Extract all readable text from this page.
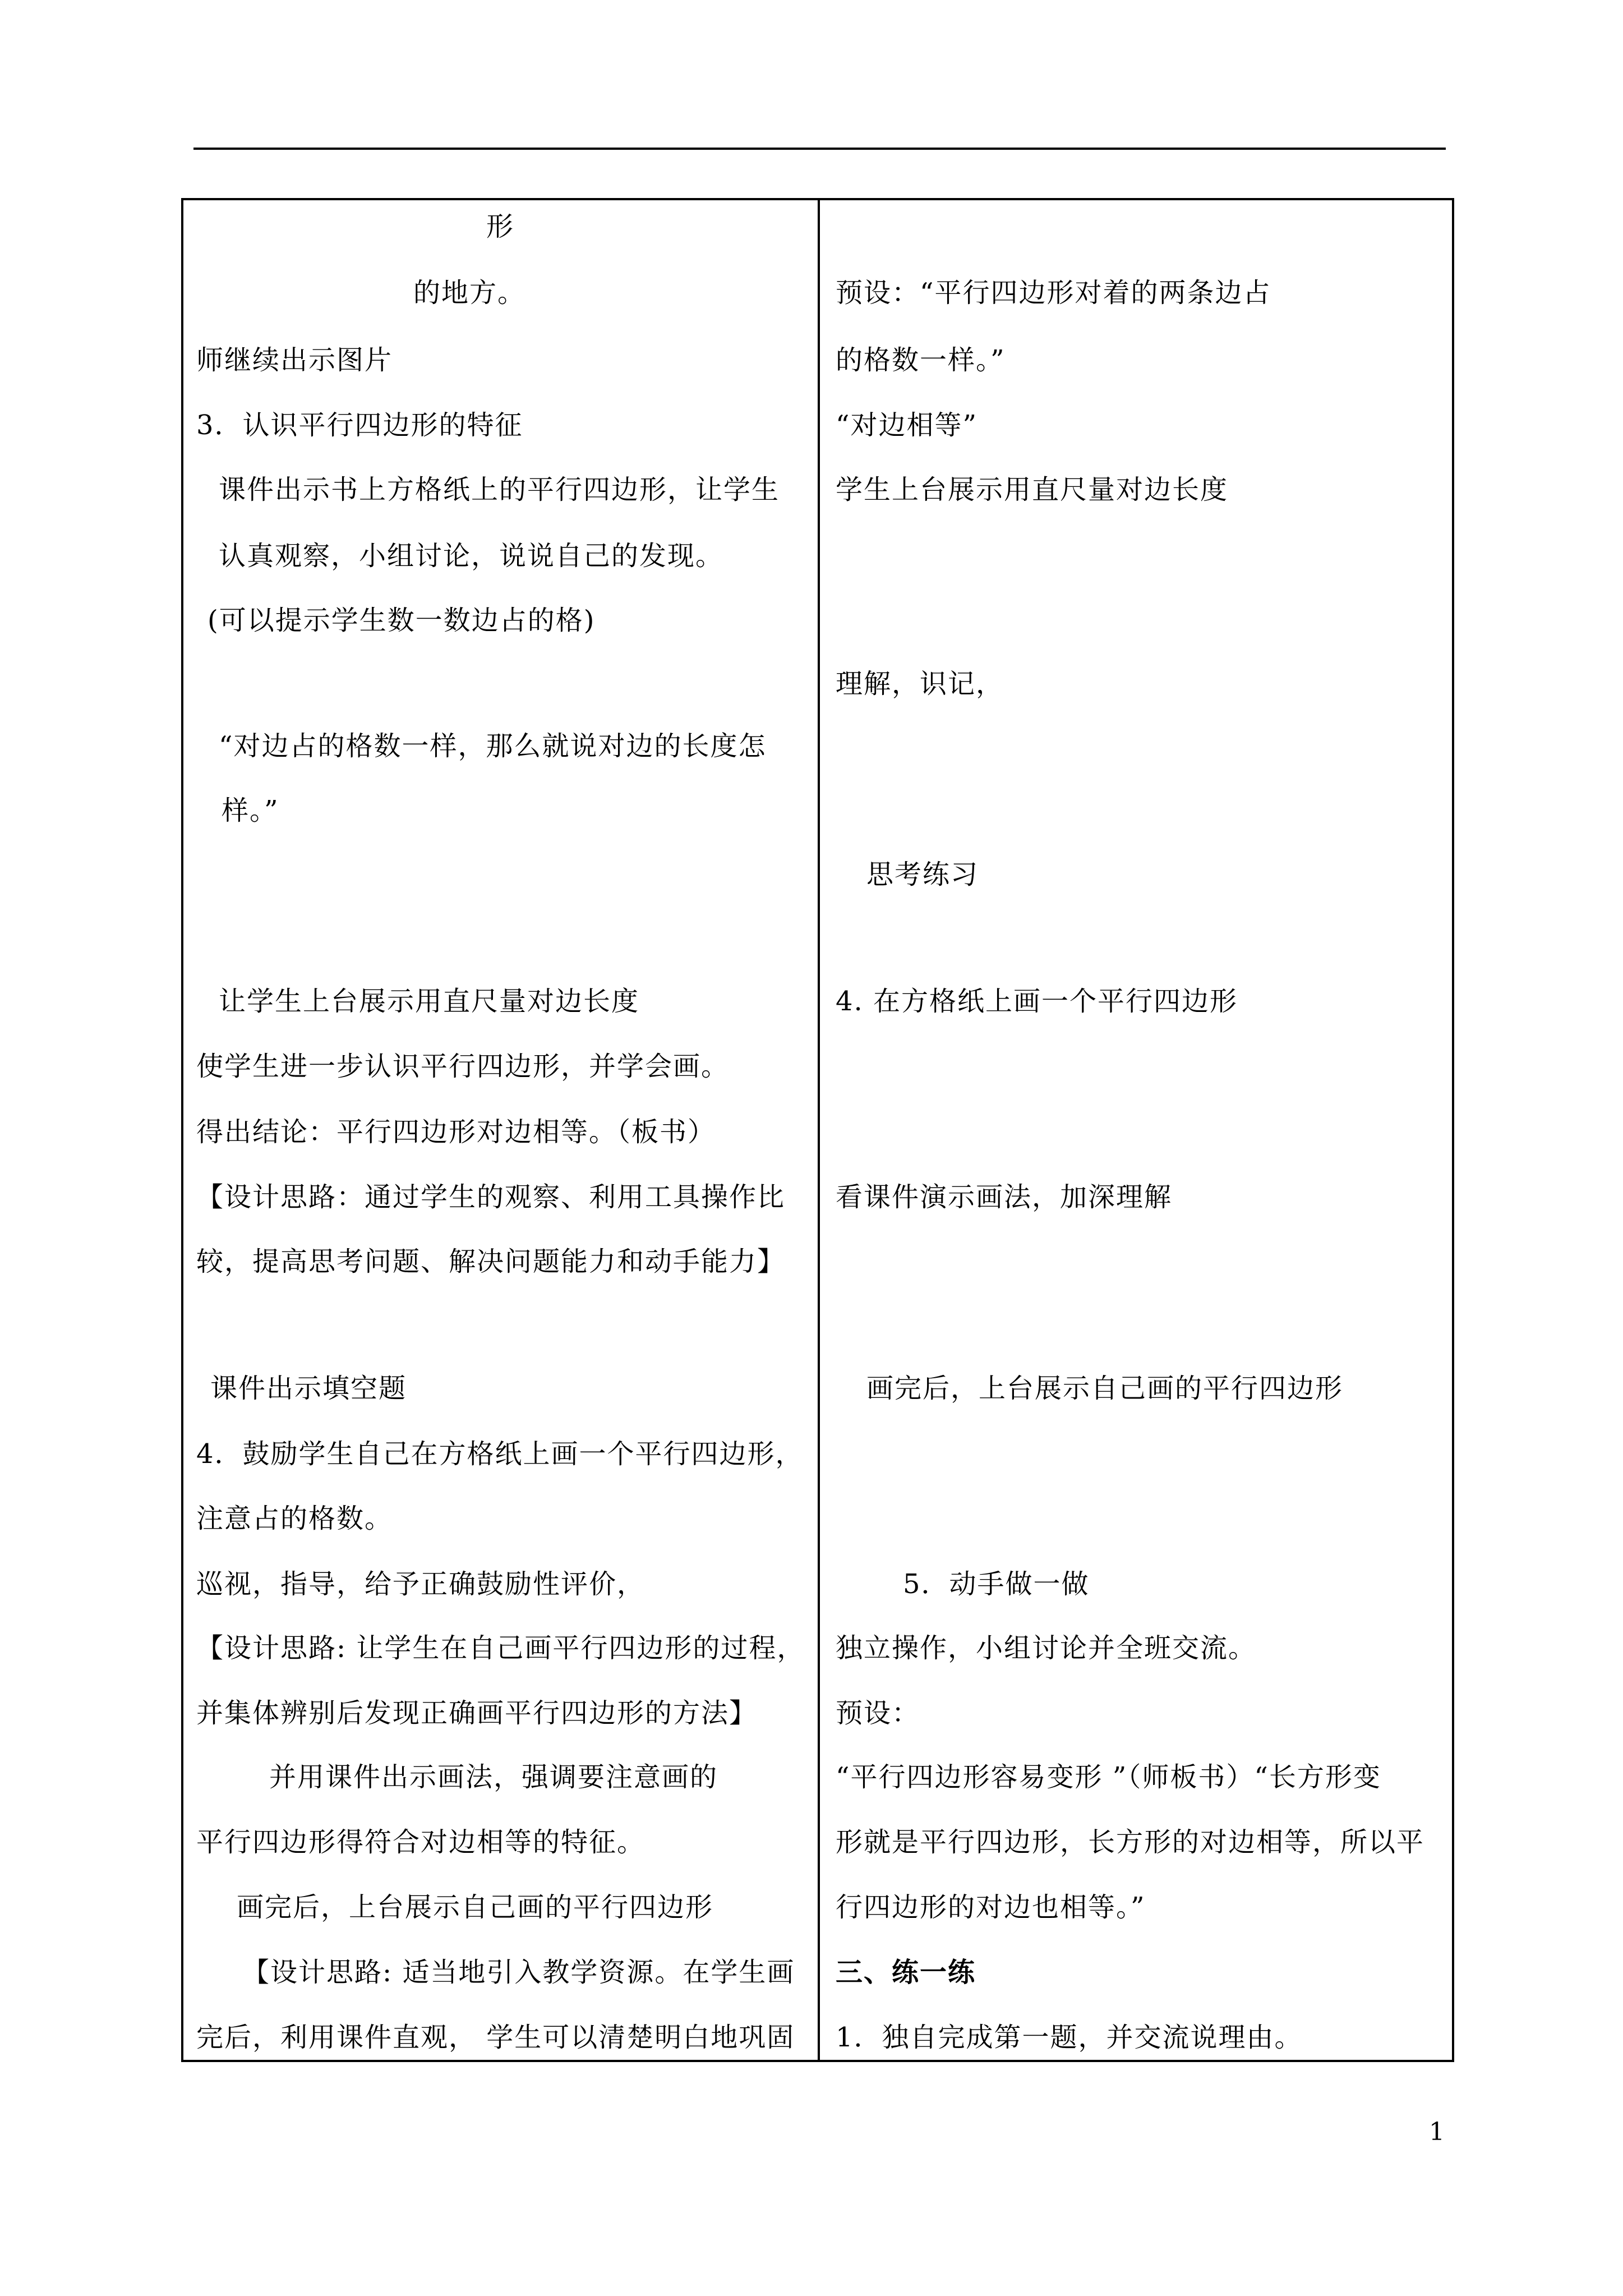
形
的地方。
师继续出示图片
3．认识平行四边形的特征
课件出示书上方格纸上的平行四边形，让学生
认真观察，小组讨论，说说自己的发现。
(可以提示学生数一数边占的格)
“对边占的格数一样，那么就说对边的长度怎
样。”
让学生上台展示用直尺量对边长度
使学生进一步认识平行四边形，并学会画。
得出结论：平行四边形对边相等。（板书）
【设计思路：通过学生的观察、利用工具操作比
较，提高思考问题、解决问题能力和动手能力】
课件出示填空题
4．鼓励学生自己在方格纸上画一个平行四边形，
注意占的格数。
巡视，指导，给予正确鼓励性评价，
【设计思路: 让学生在自己画平行四边形的过程，
并集体辨别后发现正确画平行四边形的方法】
并用课件出示画法，强调要注意画的
平行四边形得符合对边相等的特征。
画完后，上台展示自己画的平行四边形
【设计思路: 适当地引入教学资源。在学生画
完后，利用课件直观， 学生可以清楚明白地巩固
预设：“平行四边形对着的两条边占
的格数一样。”
“对边相等”
学生上台展示用直尺量对边长度
理解，识记，
思考练习
4. 在方格纸上画一个平行四边形
看课件演示画法，加深理解
画完后，上台展示自己画的平行四边形
5．动手做一做
独立操作，小组讨论并全班交流。
预设：
“平行四边形容易变形 ”（师板书）“长方形变
形就是平行四边形，长方形的对边相等，所以平
行四边形的对边也相等。”
三、练一练
1．独自完成第一题，并交流说理由。
1
